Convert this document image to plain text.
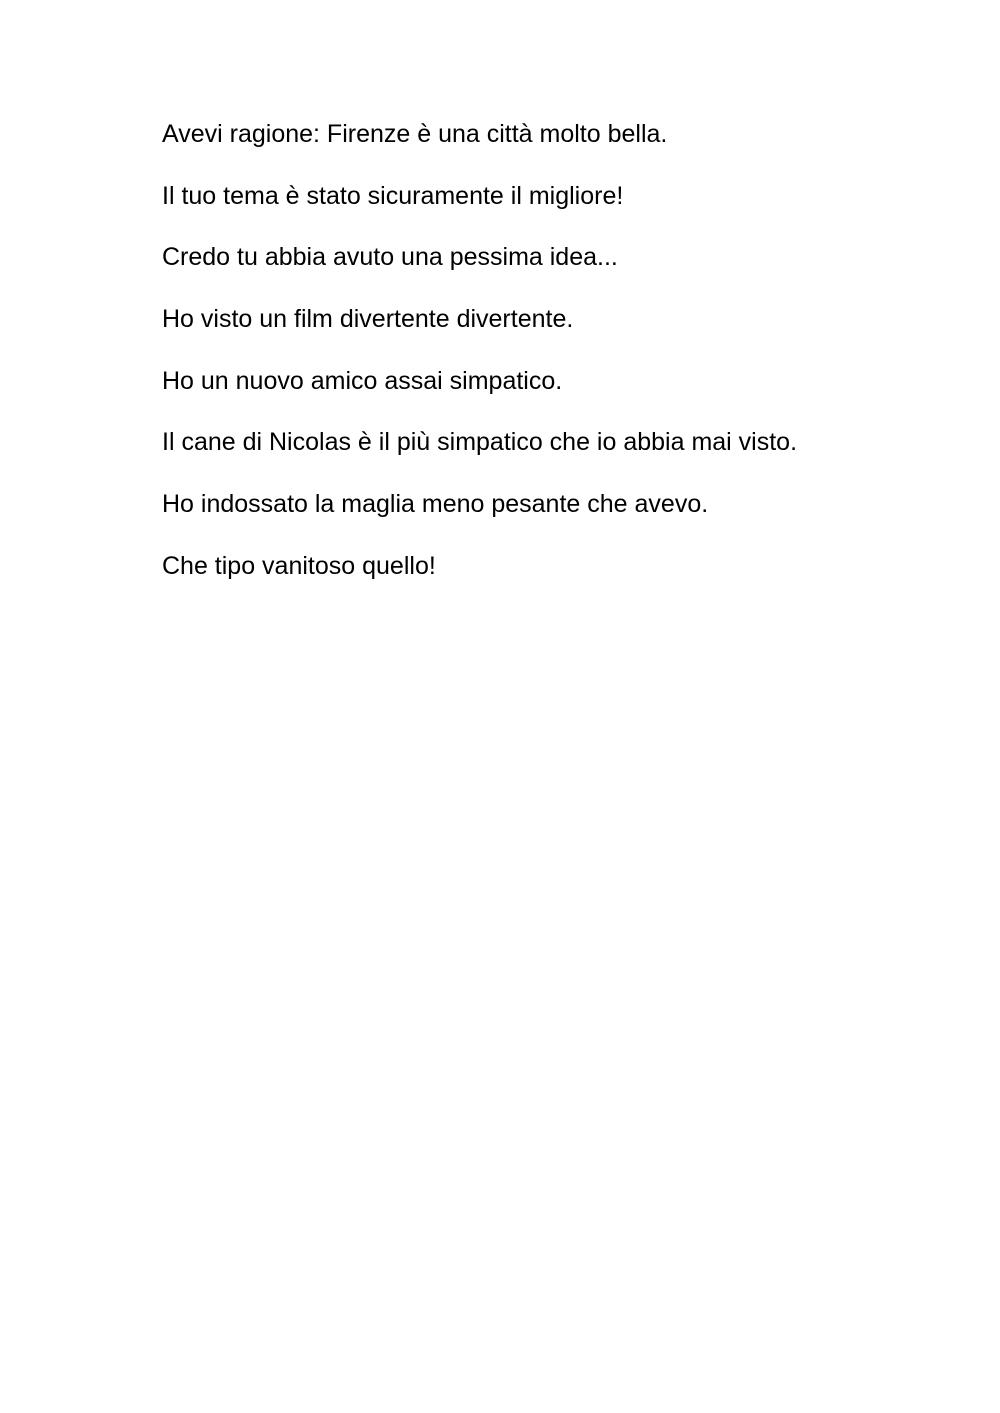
Avevi ragione: Firenze è una città molto bella.
Il tuo tema è stato sicuramente il migliore!
Credo tu abbia avuto una pessima idea...
Ho visto un film divertente divertente.
Ho un nuovo amico assai simpatico.
Il cane di Nicolas è il più simpatico che io abbia mai visto.
Ho indossato la maglia meno pesante che avevo.
Che tipo vanitoso quello!
